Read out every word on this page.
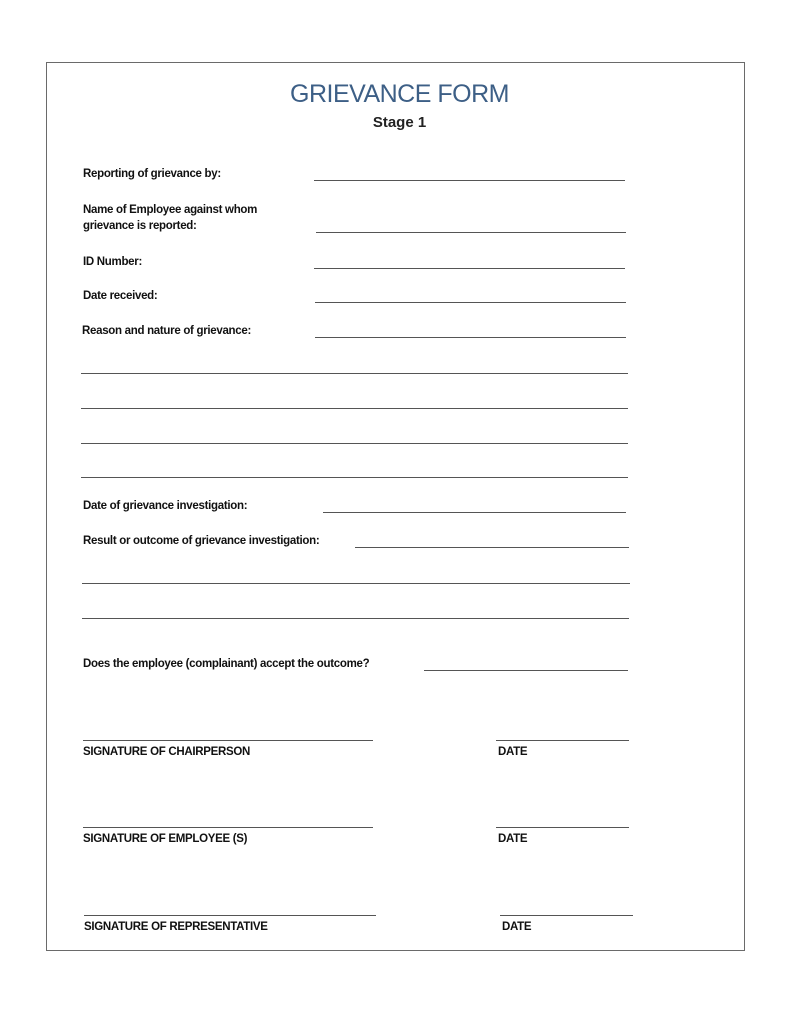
GRIEVANCE FORM
Stage 1
Reporting of grievance by:
Name of Employee against whom
grievance is reported:
ID Number:
Date received:
Reason and nature of grievance:
Date of grievance investigation:
Result or outcome of grievance investigation:
Does the employee (complainant) accept the outcome?
SIGNATURE OF CHAIRPERSON	DATE
SIGNATURE OF EMPLOYEE (S)	DATE
SIGNATURE OF REPRESENTATIVE	DATE
